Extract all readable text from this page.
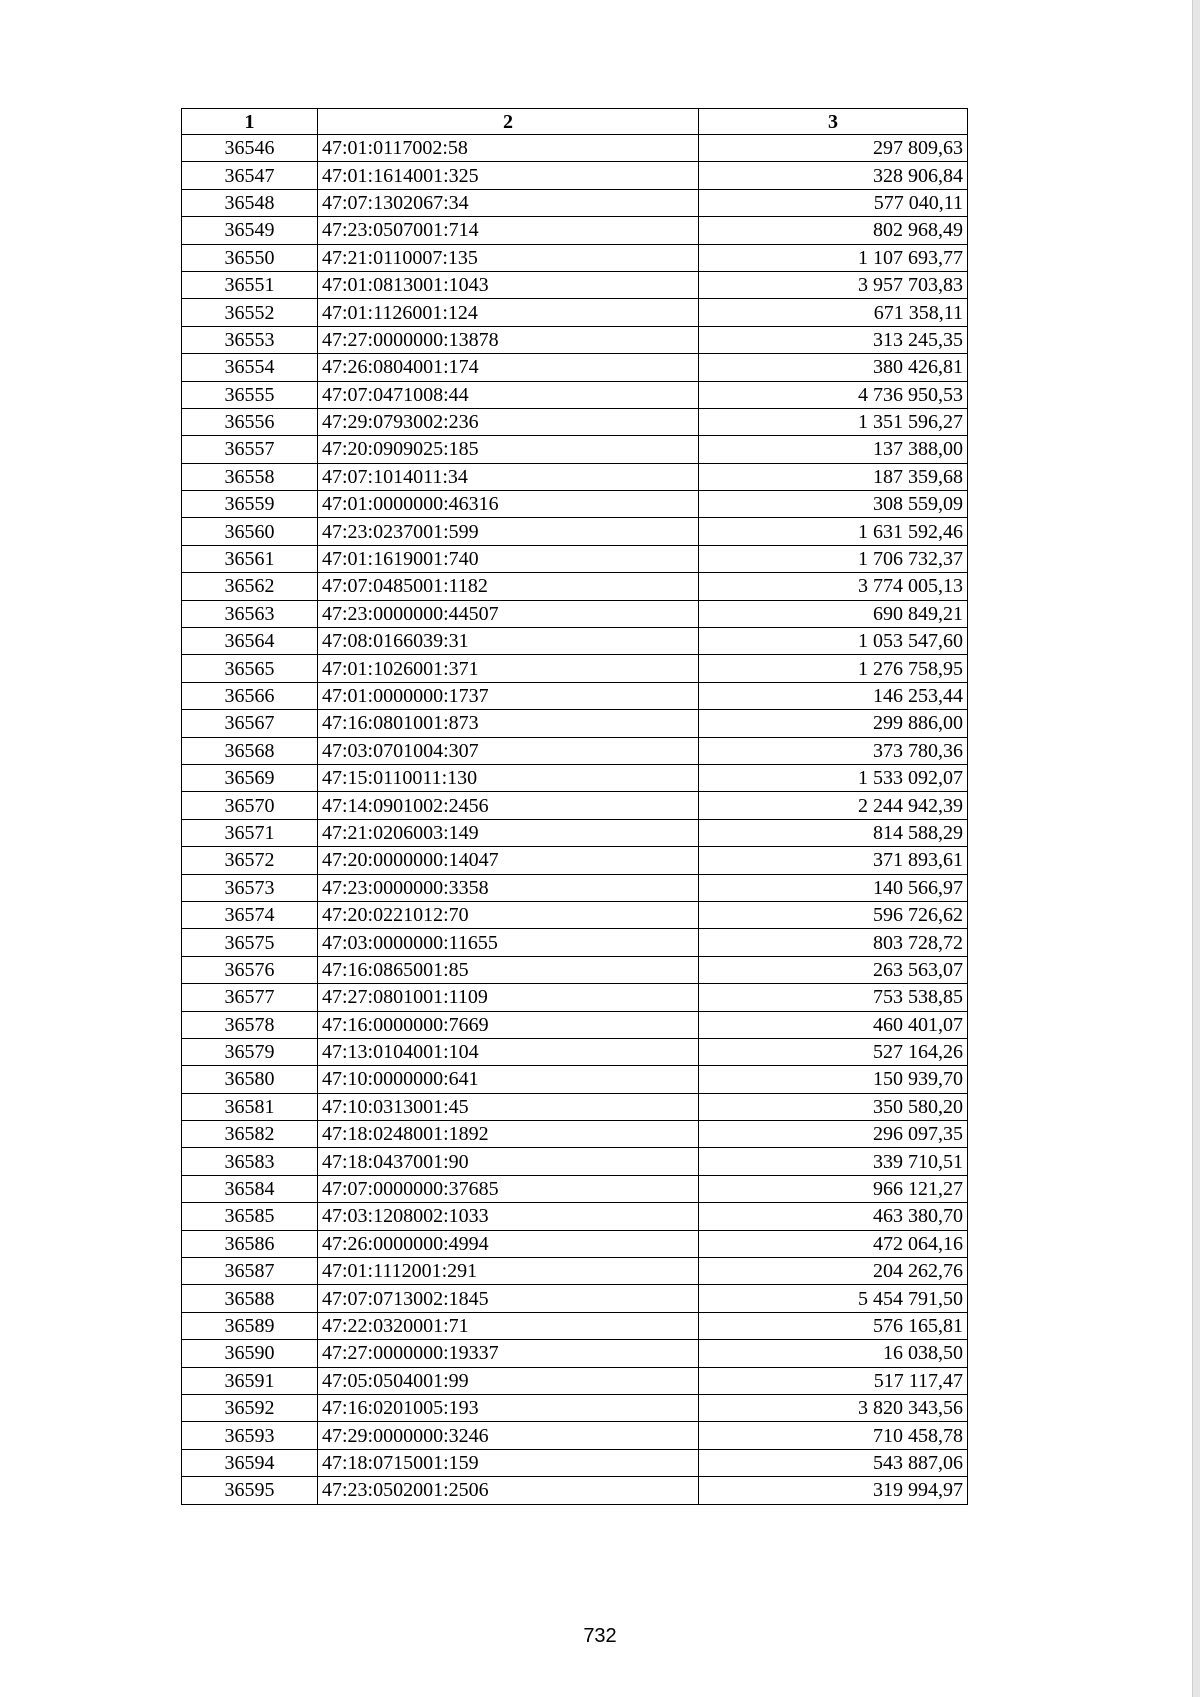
1	2	3
36546	47:01:0117002:58	297 809,63
36547	47:01:1614001:325	328 906,84
36548	47:07:1302067:34	577 040,11
36549	47:23:0507001:714	802 968,49
36550	47:21:0110007:135	1 107 693,77
36551	47:01:0813001:1043	3 957 703,83
36552	47:01:1126001:124	671 358,11
36553	47:27:0000000:13878	313 245,35
36554	47:26:0804001:174	380 426,81
36555	47:07:0471008:44	4 736 950,53
36556	47:29:0793002:236	1 351 596,27
36557	47:20:0909025:185	137 388,00
36558	47:07:1014011:34	187 359,68
36559	47:01:0000000:46316	308 559,09
36560	47:23:0237001:599	1 631 592,46
36561	47:01:1619001:740	1 706 732,37
36562	47:07:0485001:1182	3 774 005,13
36563	47:23:0000000:44507	690 849,21
36564	47:08:0166039:31	1 053 547,60
36565	47:01:1026001:371	1 276 758,95
36566	47:01:0000000:1737	146 253,44
36567	47:16:0801001:873	299 886,00
36568	47:03:0701004:307	373 780,36
36569	47:15:0110011:130	1 533 092,07
36570	47:14:0901002:2456	2 244 942,39
36571	47:21:0206003:149	814 588,29
36572	47:20:0000000:14047	371 893,61
36573	47:23:0000000:3358	140 566,97
36574	47:20:0221012:70	596 726,62
36575	47:03:0000000:11655	803 728,72
36576	47:16:0865001:85	263 563,07
36577	47:27:0801001:1109	753 538,85
36578	47:16:0000000:7669	460 401,07
36579	47:13:0104001:104	527 164,26
36580	47:10:0000000:641	150 939,70
36581	47:10:0313001:45	350 580,20
36582	47:18:0248001:1892	296 097,35
36583	47:18:0437001:90	339 710,51
36584	47:07:0000000:37685	966 121,27
36585	47:03:1208002:1033	463 380,70
36586	47:26:0000000:4994	472 064,16
36587	47:01:1112001:291	204 262,76
36588	47:07:0713002:1845	5 454 791,50
36589	47:22:0320001:71	576 165,81
36590	47:27:0000000:19337	16 038,50
36591	47:05:0504001:99	517 117,47
36592	47:16:0201005:193	3 820 343,56
36593	47:29:0000000:3246	710 458,78
36594	47:18:0715001:159	543 887,06
36595	47:23:0502001:2506	319 994,97
732
